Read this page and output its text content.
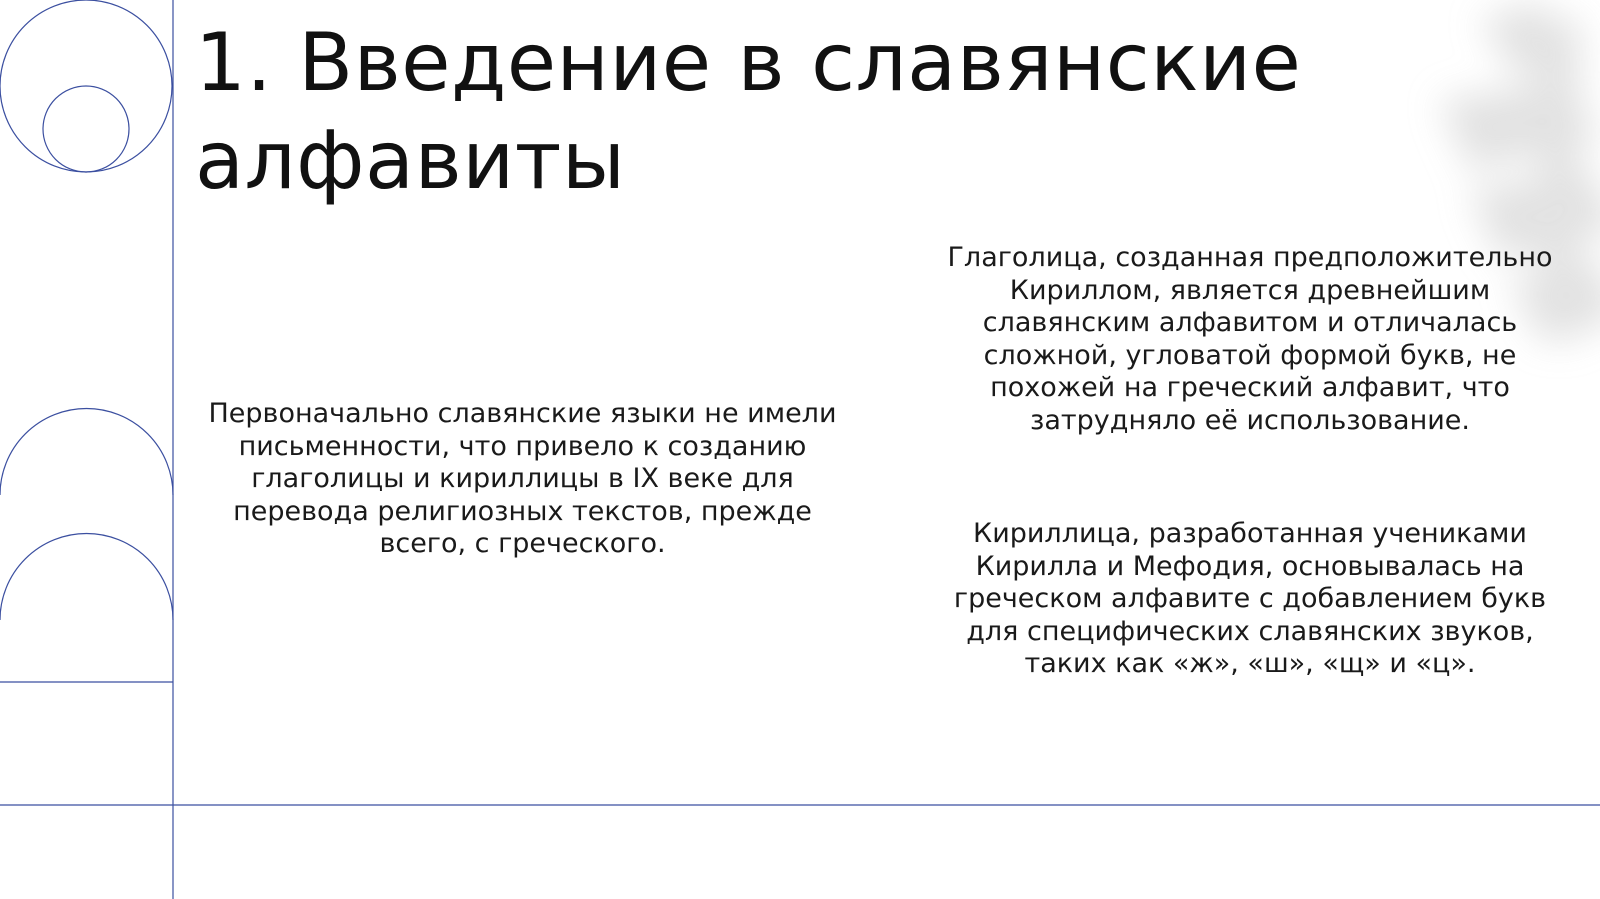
1. Введение в славянские алфавиты

Первоначально славянские языки не имели письменности, что привело к созданию глаголицы и кириллицы в IX веке для перевода религиозных текстов, прежде всего, с греческого.

Глаголица, созданная предположительно Кириллом, является древнейшим славянским алфавитом и отличалась сложной, угловатой формой букв, не похожей на греческий алфавит, что затрудняло её использование.

Кириллица, разработанная учениками Кирилла и Мефодия, основывалась на греческом алфавите с добавлением букв для специфических славянских звуков, таких как «ж», «ш», «щ» и «ц».
